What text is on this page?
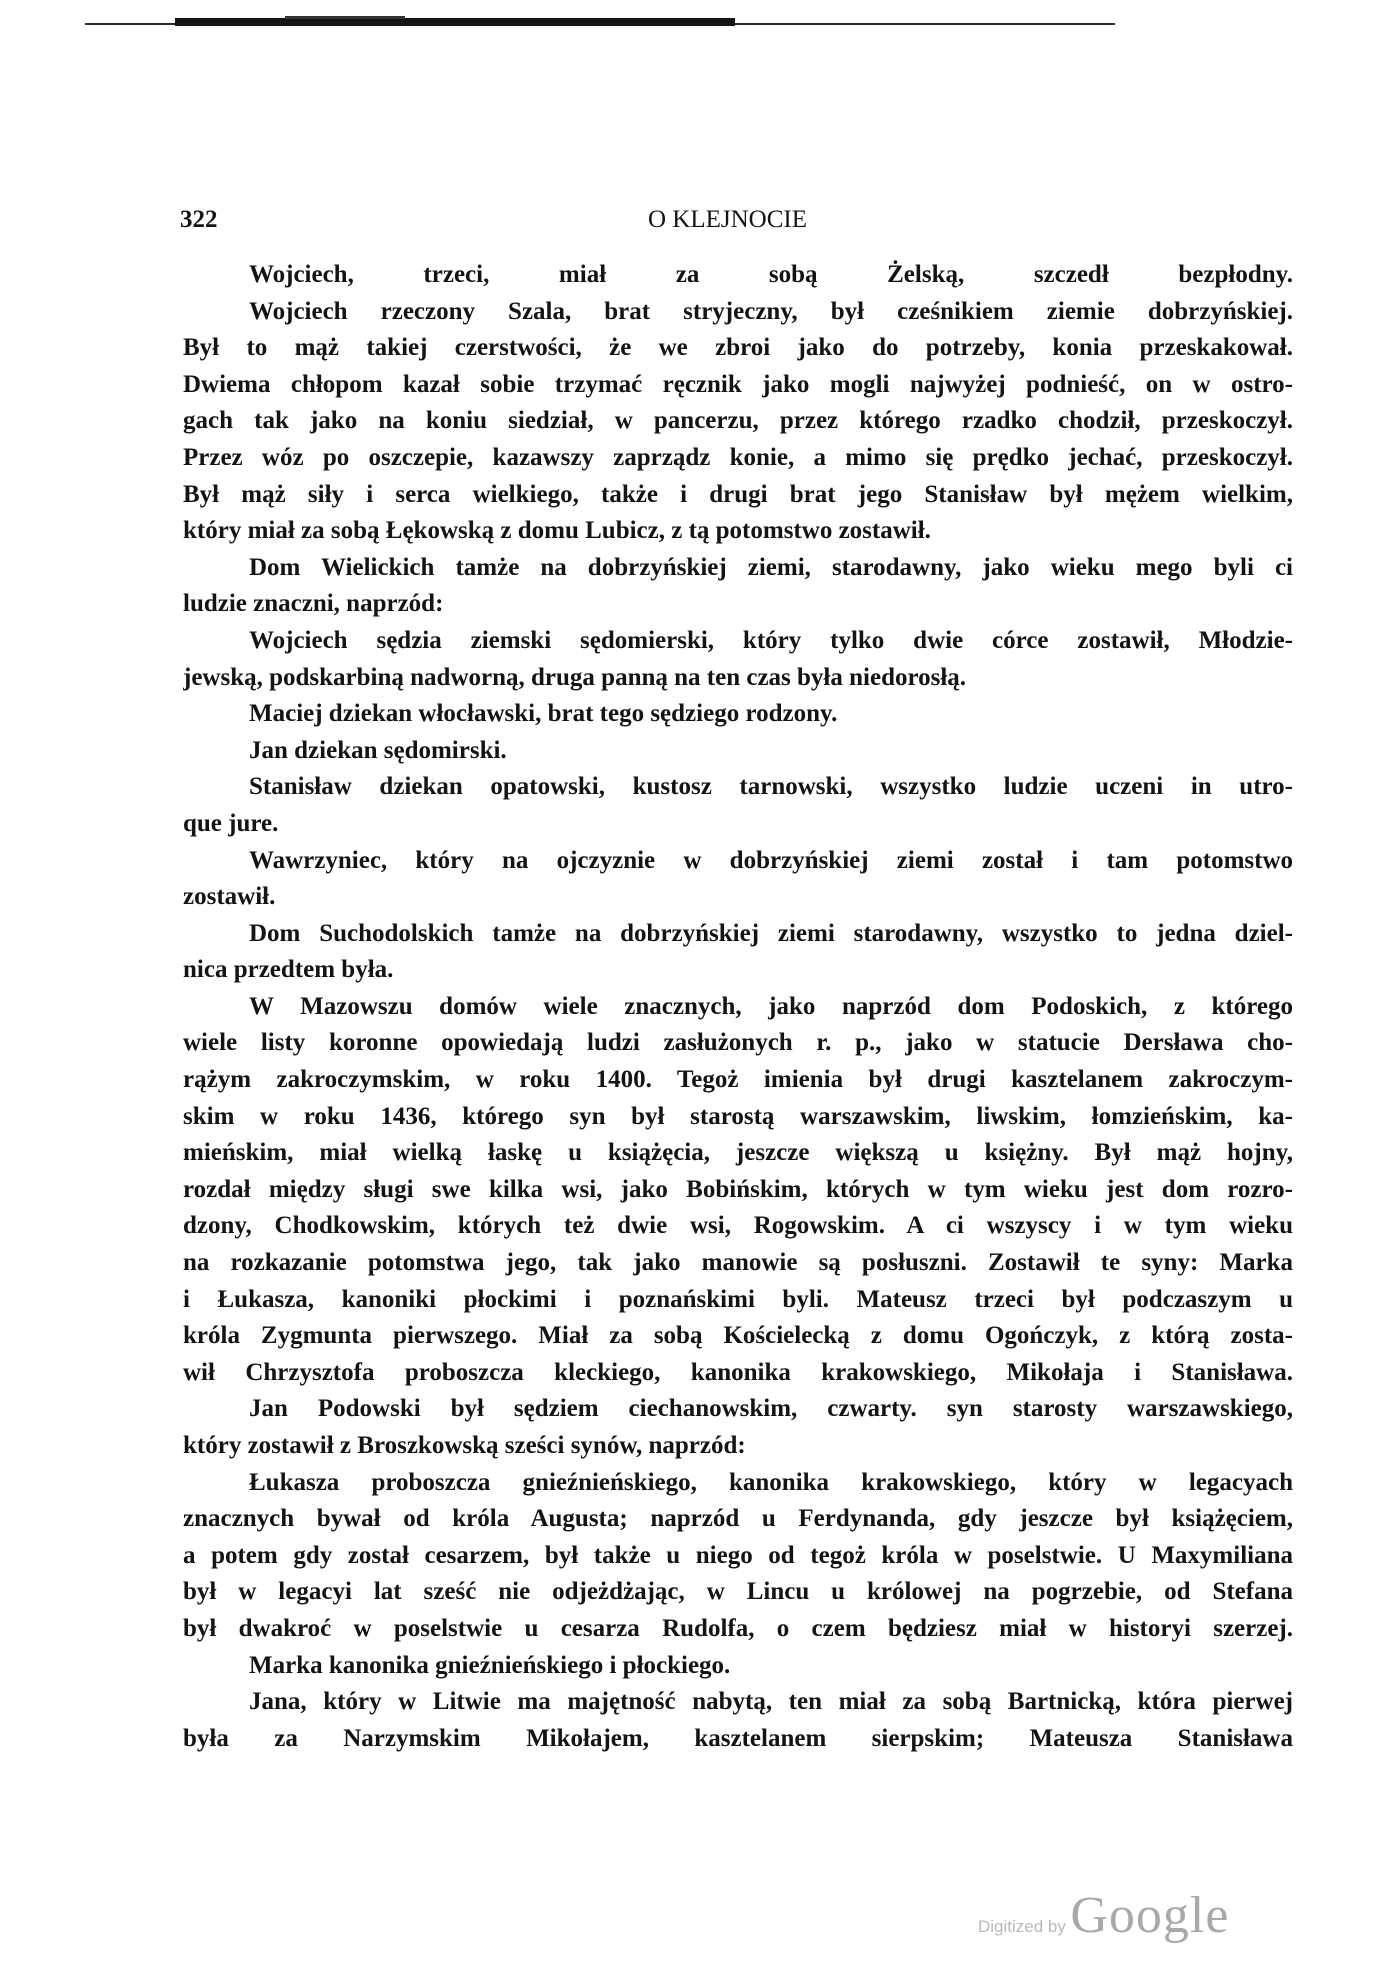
322	O KLEJNOCIE
Wojciech, trzeci, miał za sobą Żelską, szczedł bezpłodny.
Wojciech rzeczony Szala, brat stryjeczny, był cześnikiem ziemie dobrzyńskiej.
Był to mąż takiej czerstwości, że we zbroi jako do potrzeby, konia przeskakował.
Dwiema chłopom kazał sobie trzymać ręcznik jako mogli najwyżej podnieść, on w ostro-
gach tak jako na koniu siedział, w pancerzu, przez którego rzadko chodził, przeskoczył.
Przez wóz po oszczepie, kazawszy zaprządz konie, a mimo się prędko jechać, przeskoczył.
Był mąż siły i serca wielkiego, także i drugi brat jego Stanisław był mężem wielkim,
który miał za sobą Łękowską z domu Lubicz, z tą potomstwo zostawił.
Dom Wielickich tamże na dobrzyńskiej ziemi, starodawny, jako wieku mego byli ci
ludzie znaczni, naprzód:
Wojciech sędzia ziemski sędomierski, który tylko dwie córce zostawił, Młodzie-
jewską, podskarbiną nadworną, druga panną na ten czas była niedorosłą.
Maciej dziekan włocławski, brat tego sędziego rodzony.
Jan dziekan sędomirski.
Stanisław dziekan opatowski, kustosz tarnowski, wszystko ludzie uczeni in utro-
que jure.
Wawrzyniec, który na ojczyznie w dobrzyńskiej ziemi został i tam potomstwo
zostawił.
Dom Suchodolskich tamże na dobrzyńskiej ziemi starodawny, wszystko to jedna dziel-
nica przedtem była.
W Mazowszu domów wiele znacznych, jako naprzód dom Podoskich, z którego
wiele listy koronne opowiedają ludzi zasłużonych r. p., jako w statucie Dersława cho-
rążym zakroczymskim, w roku 1400. Tegoż imienia był drugi kasztelanem zakroczym-
skim w roku 1436, którego syn był starostą warszawskim, liwskim, łomzieńskim, ka-
mieńskim, miał wielką łaskę u książęcia, jeszcze większą u księżny. Był mąż hojny,
rozdał między sługi swe kilka wsi, jako Bobińskim, których w tym wieku jest dom rozro-
dzony, Chodkowskim, których też dwie wsi, Rogowskim. A ci wszyscy i w tym wieku
na rozkazanie potomstwa jego, tak jako manowie są posłuszni. Zostawił te syny: Marka
i Łukasza, kanoniki płockimi i poznańskimi byli. Mateusz trzeci był podczaszym u
króla Zygmunta pierwszego. Miał za sobą Kościelecką z domu Ogończyk, z którą zosta-
wił Chrzysztofa proboszcza kleckiego, kanonika krakowskiego, Mikołaja i Stanisława.
Jan Podowski był sędziem ciechanowskim, czwarty. syn starosty warszawskiego,
który zostawił z Broszkowską sześci synów, naprzód:
Łukasza proboszcza gnieźnieńskiego, kanonika krakowskiego, który w legacyach
znacznych bywał od króla Augusta; naprzód u Ferdynanda, gdy jeszcze był książęciem,
a potem gdy został cesarzem, był także u niego od tegoż króla w poselstwie. U Maxymiliana
był w legacyi lat sześć nie odjeżdżając, w Lincu u królowej na pogrzebie, od Stefana
był dwakroć w poselstwie u cesarza Rudolfa, o czem będziesz miał w historyi szerzej.
Marka kanonika gnieźnieńskiego i płockiego.
Jana, który w Litwie ma majętność nabytą, ten miał za sobą Bartnicką, która pierwej
była za Narzymskim Mikołajem, kasztelanem sierpskim; Mateusza Stanisława
Digitized by Google
